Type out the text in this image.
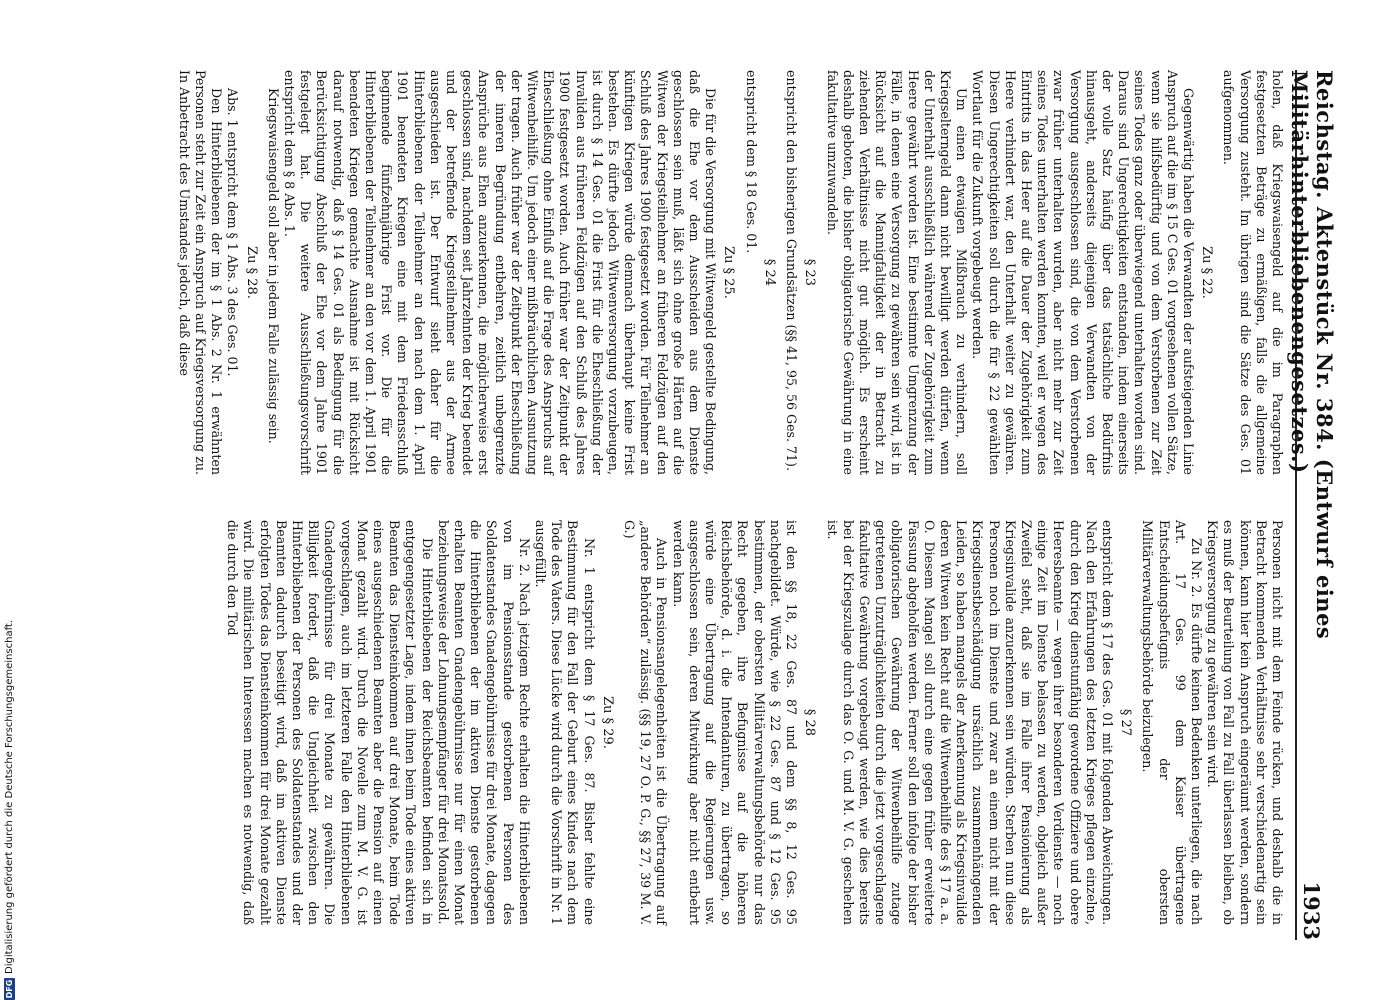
Reichstag. Aktenstück Nr. 384. (Entwurf eines Militärhinterbliebenengesetzes.)
1933

holen, daß Kriegswaisengeld auf die im Paragraphen festgesetzten Beträge zu ermäßigen, falls die allgemeine Versorgung zusteht. Im übrigen sind die Sätze des Ges. 01 aufgenommen.

Zu § 22.

Gegenwärtig haben die Verwandten der aufsteigenden Linie Anspruch auf die im § 15 C Ges. 01 vorgesehenen vollen Sätze, wenn sie hilfsbedürftig und von dem Verstorbenen zur Zeit seines Todes ganz oder überwiegend unterhalten worden sind. Daraus sind Ungerechtigkeiten entstanden, indem einerseits der volle Satz häufig über das tatsächliche Bedürfnis hinausgeht, anderseits diejenigen Verwandten von der Versorgung ausgeschlossen sind, die von dem Verstorbenen zwar früher unterhalten wurden, aber nicht mehr zur Zeit seines Todes unterhalten werden konnten, weil er wegen des Eintritts in das Heer auf die Dauer der Zugehörigkeit zum Heere verhindert war, den Unterhalt weiter zu gewähren. Diesen Ungerechtigkeiten soll durch die für § 22 gewählten Wortlaut für die Zukunft vorgebeugt werden.

Um einen etwaigen Mißbrauch zu verhindern, soll Kriegselterngeld dann nicht bewilligt werden dürfen, wenn der Unterhalt ausschließlich während der Zugehörigkeit zum Heere gewährt worden ist. Eine bestimmte Umgrenzung der Fälle, in denen eine Versorgung zu gewähren sein wird, ist in Rücksicht auf die Mannigfaltigkeit der in Betracht zu ziehenden Verhältnisse nicht gut möglich. Es erscheint deshalb geboten, die bisher obligatorische Gewährung in eine fakultative umzuwandeln.

§ 23

entspricht den bisherigen Grundsätzen (§§ 41, 95, 56 Ges. 71).

§ 24

entspricht dem § 18 Ges. 01.

Zu § 25.

Die für die Versorgung mit Witwengeld gestellte Bedingung, daß die Ehe vor dem Ausscheiden aus dem Dienste geschlossen sein muß, läßt sich ohne große Härten auf die Witwen der Kriegsteilnehmer an früheren Feldzügen auf den Schluß des Jahres 1900 festgesetzt worden. Für Teilnehmer an künftigen Kriegen würde demnach überhaupt keine Frist bestehen. Es dürfte jedoch Witwenversorgung vorzubeugen, ist durch § 14 Ges. 01 die Frist für die Eheschließung der Invaliden aus früheren Feldzügen auf den Schluß des Jahres 1900 festgesetzt worden. Auch früher war der Zeitpunkt der Eheschließung ohne Einfluß auf die Frage des Anspruchs auf Witwenbeihilfe. Um jedoch einer mißbräuchlichen Ausnutzung der tragen. Auch früher war der Zeitpunkt der Eheschließung der inneren Begründung entbehren, zeitlich unbegrenzte Ansprüche aus Ehen anzuerkennen, die möglicherweise erst geschlossen sind, nachdem seit Jahrzehnten der Krieg beendet und der betreffende Kriegsteilnehmer aus der Armee ausgeschieden ist. Der Entwurf sieht daher für die Hinterbliebenen der Teilnehmer an den nach dem 1. April 1901 beendeten Kriegen eine mit dem Friedensschluß beginnende fünfzehnjährige Frist vor. Die für die Hinterbliebenen der Teilnehmer an den vor dem 1. April 1901 beendeten Kriegen gemachte Ausnahme ist mit Rücksicht darauf notwendig, daß § 14 Ges. 01 als Bedingung für die Berücksichtigung Abschluß der Ehe vor dem Jahre 1901 festgelegt hat. Die weitere Ausschließungsvorschrift entspricht dem § 8 Abs. 1.

Kriegswaisengeld soll aber in jedem Falle zulässig sein.

Zu § 28.

Abs. 1 entspricht dem § 1 Abs. 3 des Ges. 01.

Den Hinterbliebenen der im § 1 Abs. 2 Nr. 1 erwähnten Personen steht zur Zeit ein Anspruch auf Kriegsversorgung zu. In Anbetracht des Umstandes jedoch, daß diese

Personen nicht mit dem Feinde rücken, und deshalb die in Betracht kommenden Verhältnisse sehr verschiedenartig sein können, kann hier kein Anspruch eingeräumt werden, sondern es muß der Beurteilung von Fall zu Fall überlassen bleiben, ob Kriegsversorgung zu gewähren sein wird.

Zu Nr. 2. Es dürfte keinen Bedenken unterliegen, die nach Art. 17 Ges. 99 dem Kaiser übertragene Entscheidungsbefugnis der obersten Militärverwaltungsbehörde beizulegen.

§ 27

entspricht dem § 17 des Ges. 01 mit folgenden Abweichungen. Nach den Erfahrungen des letzten Krieges pflegen einzelne, durch den Krieg dienstunfähig gewordene Offiziere und obere Heeresbeamte — wegen ihrer besonderen Verdienste — noch einige Zeit im Dienste belassen zu werden, obgleich außer Zweifel steht, daß sie im Falle ihrer Pensionierung als Kriegsinvalide anzuerkennen sein würden. Sterben nun diese Personen noch im Dienste und zwar an einem nicht mit der Kriegsdienstbeschädigung ursächlich zusammenhängenden Leiden, so haben mangels der Anerkennung als Kriegsinvalide deren Witwen kein Recht auf die Witwenbeihilfe des § 17 a. a. O. Diesem Mangel soll durch eine gegen früher erweiterte Fassung abgeholfen werden. Ferner soll den infolge der bisher obligatorischen Gewährung der Witwenbeihilfe zutage getretenen Unzuträglichkeiten durch die jetzt vorgeschlagene fakultative Gewährung vorgebeugt werden, wie dies bereits bei der Kriegszulage durch das O. G. und M. V. G. geschehen ist.

§ 28

ist den §§ 18, 22 Ges. 87 und dem §§ 8, 12 Ges. 95 nachgebildet. Würde, wie § 22 Ges. 87 und § 12 Ges. 95 bestimmen, der obersten Militärverwaltungsbehörde nur das Recht gegeben, ihre Befugnisse auf die höheren Reichsbehörde, d. i. die Intendanturen, zu übertragen, so würde eine Übertragung auf die Regierungen usw. ausgeschlossen sein, deren Mitwirkung aber nicht entbehrt werden kann.

Auch in Pensionsangelegenheiten ist die Übertragung auf „andere Behörden“ zulässig. (§§ 19, 27 O. P. G., §§ 27, 39 M. V. G.)

Zu § 29.

Nr. 1 entspricht dem § 17 Ges. 87. Bisher fehlte eine Bestimmung für den Fall der Geburt eines Kindes nach dem Tode des Vaters. Diese Lücke wird durch die Vorschrift in Nr. 1 ausgefüllt.

Nr. 2. Nach jetzigem Rechte erhalten die Hinterbliebenen von im Pensionsstande gestorbenen Personen des Soldatenstandes Gnadengebührnisse für drei Monate, dagegen die Hinterbliebenen der im aktiven Dienste gestorbenen erhalten Beamten Gnadengebührnisse nur für einen Monat beziehungsweise der Lohnungsempfänger für drei Monatssold.

Die Hinterbliebenen der Reichsbeamten befinden sich in entgegengesetzter Lage, indem ihnen beim Tode eines aktiven Beamten das Diensteinkommen auf drei Monate, beim Tode eines ausgeschiedenen Beamten aber die Pension auf einen Monat gezahlt wird. Durch die Novelle zum M. V. G. ist vorgeschlagen, auch im letzteren Falle den Hinterbliebenen Gnadengebührnisse für drei Monate zu gewähren. Die Billigkeit fordert, daß die Ungleichheit zwischen den Hinterbliebenen der Personen des Soldatenstandes und der Beamten dadurch beseitigt wird, daß im aktiven Dienste erfolgten Todes das Diensteinkommen für drei Monate gezahlt wird. Die militärischen Interessen machen es notwendig, daß die durch den Tod

DFG
Digitalisierung gefördert durch die Deutsche Forschungsgemeinschaft.
